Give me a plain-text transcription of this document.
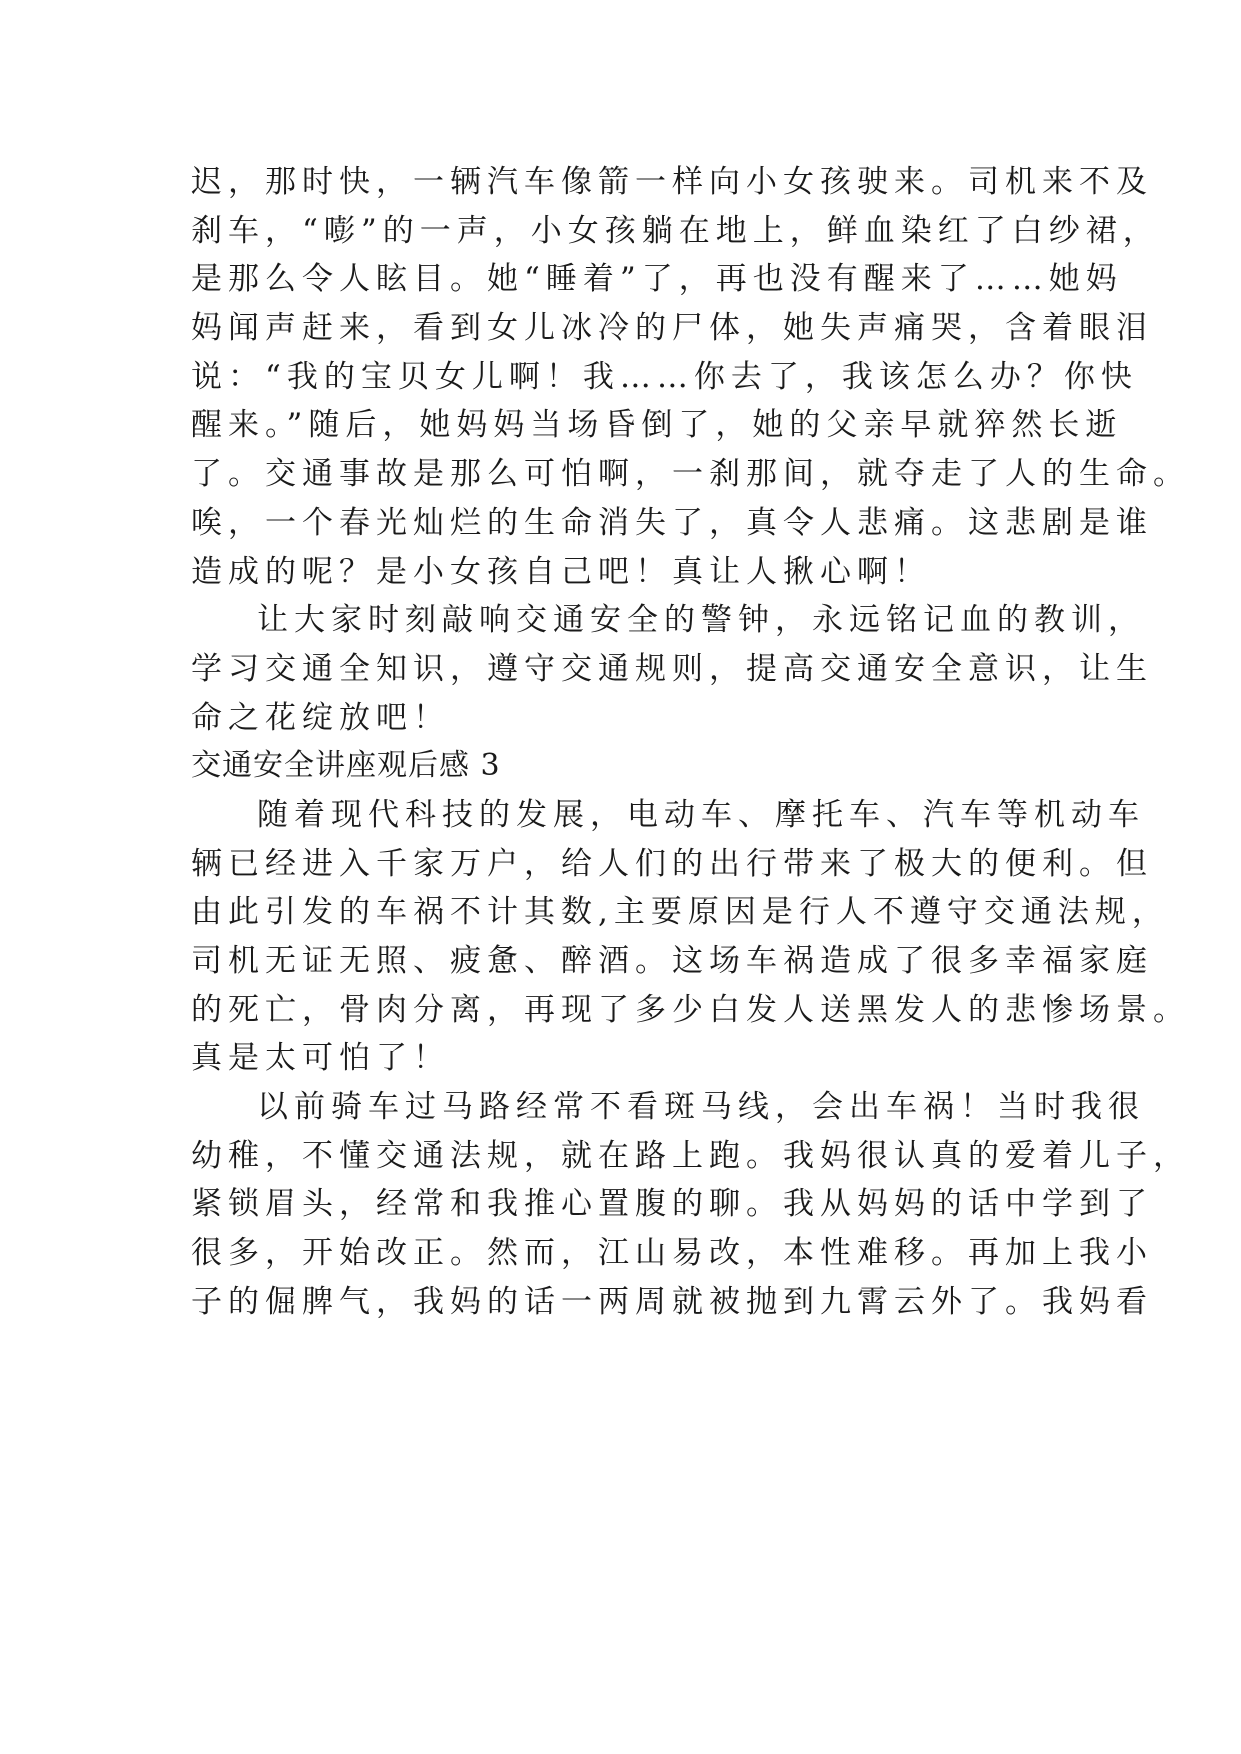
迟，那时快，一辆汽车像箭一样向小女孩驶来。司机来不及
刹车，“嘭”的一声，小女孩躺在地上，鲜血染红了白纱裙，
是那么令人眩目。她“睡着”了，再也没有醒来了……她妈
妈闻声赶来，看到女儿冰冷的尸体，她失声痛哭，含着眼泪
说：“我的宝贝女儿啊！我……你去了，我该怎么办？你快
醒来。”随后，她妈妈当场昏倒了，她的父亲早就猝然长逝
了。交通事故是那么可怕啊，一刹那间，就夺走了人的生命。
唉，一个春光灿烂的生命消失了，真令人悲痛。这悲剧是谁
造成的呢？是小女孩自己吧！真让人揪心啊！
让大家时刻敲响交通安全的警钟，永远铭记血的教训，
学习交通全知识，遵守交通规则，提高交通安全意识，让生
命之花绽放吧！
交通安全讲座观后感 3
随着现代科技的发展，电动车、摩托车、汽车等机动车
辆已经进入千家万户，给人们的出行带来了极大的便利。但
由此引发的车祸不计其数,主要原因是行人不遵守交通法规，
司机无证无照、疲惫、醉酒。这场车祸造成了很多幸福家庭
的死亡，骨肉分离，再现了多少白发人送黑发人的悲惨场景。
真是太可怕了！
以前骑车过马路经常不看斑马线，会出车祸！当时我很
幼稚，不懂交通法规，就在路上跑。我妈很认真的爱着儿子，
紧锁眉头，经常和我推心置腹的聊。我从妈妈的话中学到了
很多，开始改正。然而，江山易改，本性难移。再加上我小
子的倔脾气，我妈的话一两周就被抛到九霄云外了。我妈看
